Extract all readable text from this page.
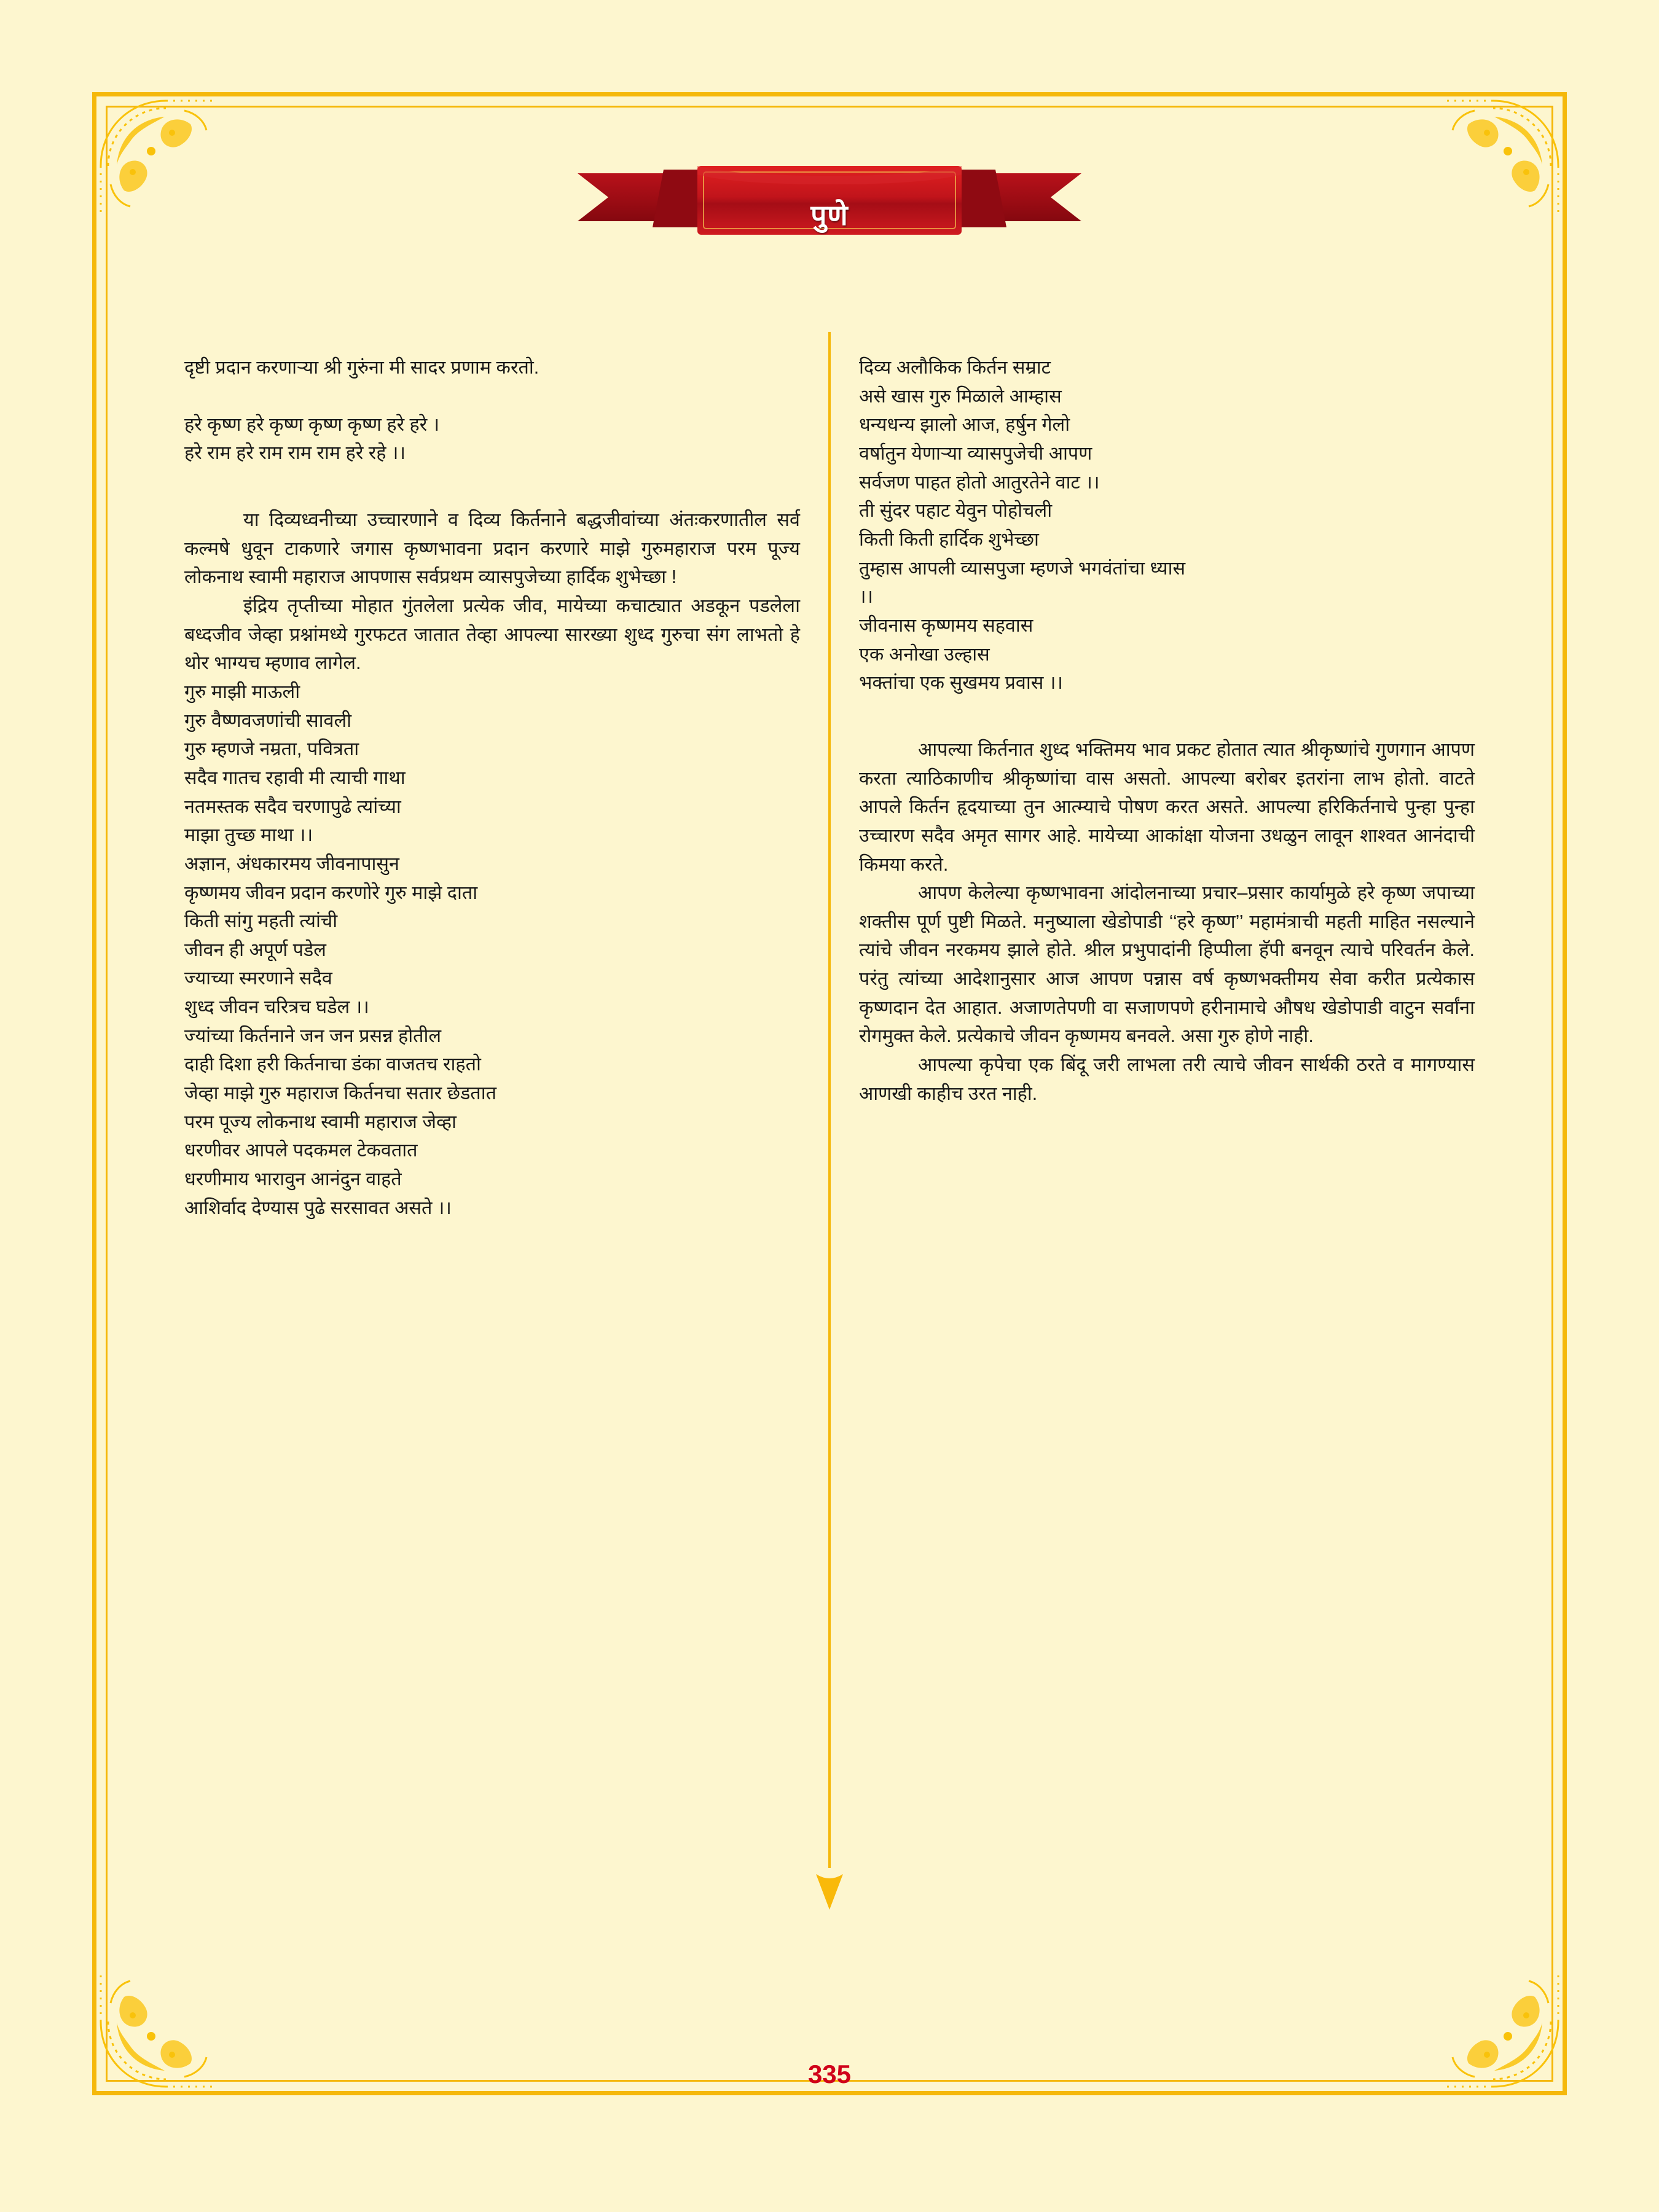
पुणे

दृष्टी प्रदान करणाऱ्या श्री गुरुंना मी सादर प्रणाम करतो.

हरे कृष्ण हरे कृष्ण कृष्ण कृष्ण हरे हरे ।

हरे राम हरे राम राम राम हरे रहे ।।

या दिव्यध्वनीच्या उच्चारणाने व दिव्य कि‌र्तनाने बद्धजीवांच्या अंतःकरणातील सर्व कल्मषे धुवून टाकणारे जगास कृष्णभावना प्रदान करणारे माझे गुरुमहाराज परम पूज्य लोकनाथ स्वामी महाराज आपणास सर्वप्रथम व्यासपुजेच्या हार्दिक शुभेच्छा !

इंद्रिय तृप्तीच्या मोहात गुंतलेला प्रत्येक जीव, मायेच्या कचाट्यात अडकून पडलेला बध्दजीव जेव्हा प्रश्नांमध्ये गुरफटत जातात तेव्हा आपल्या सारख्या शुध्द गुरुचा संग लाभतो हे थोर भाग्यच म्हणाव लागेल.

गुरु माझी माऊली

गुरु वैष्णवजणांची सावली

गुरु म्हणजे नम्रता, पवित्रता

सदैव गातच रहावी मी त्याची गाथा

नतमस्तक सदैव चरणापुढे त्यांच्या

माझा तुच्छ माथा ।।

अज्ञान, अंधकारमय जीवनापासुन

कृष्णमय जीवन प्रदान करणोरे गुरु माझे दाता

किती सांगु महती त्यांची

जीवन ही अपूर्ण पडेल

ज्याच्या स्मरणाने सदैव

शुध्द जीवन चरित्रच घडेल ।।

ज्यांच्या कि‌र्तनाने जन जन प्रसन्न होतील

दाही दिशा हरी कि‌र्तनाचा डंका वाजतच राहतो

जेव्हा माझे गुरु महाराज कि‌र्तनचा सतार छेडतात

परम पूज्य लोकनाथ स्वामी महाराज जेव्हा

धरणीवर आपले पदकमल टेकवतात

धरणीमाय भारावुन आनंदुन वाहते

आशिर्वाद देण्यास पुढे सरसावत असते ।।

दिव्य अलौकिक कि‌र्तन सम्राट

असे खास गुरु मिळाले आम्हास

धन्यधन्य झालो आज, हर्षुन गेलो

वर्षातुन येणाऱ्या व्यासपुजेची आपण

सर्वजण पाहत होतो आतुरतेने वाट ।।

ती सुंदर पहाट येवुन पोहोचली

किती किती हार्दिक शुभेच्छा

तुम्हास आपली व्यासपुजा म्हणजे भगवंतांचा ध्यास

।।

जीवनास कृष्णमय सहवास

एक अनोखा उल्हास

भक्तांचा एक सुखमय प्रवास ।।

आपल्या कि‌र्तनात शुध्द भक्तिमय भाव प्रकट होतात त्यात श्रीकृष्णांचे गुणगान आपण करता त्याठिकाणीच श्रीकृष्णांचा वास असतो. आपल्या बरोबर इतरांना लाभ होतो. वाटते आपले कि‌र्तन हृदयाच्या तुन आत्म्याचे पोषण करत असते. आपल्या हरिकि‌र्तनाचे पुन्हा पुन्हा उच्चारण सदैव अमृत सागर आहे. मायेच्या आकांक्षा योजना उधळुन लावून शाश्वत आनंदाची किमया करते.

आपण केलेल्या कृष्णभावना आंदोलनाच्या प्रचार–प्रसार कार्यामुळे हरे कृष्ण जपाच्या शक्तीस पूर्ण पुष्टी मिळते. मनुष्याला खेडोपाडी ‘‘हरे कृष्ण’’ महामंत्राची महती माहित नसल्याने त्यांचे जीवन नरकमय झाले होते. श्रील प्रभुपादांनी हिप्पीला हॅपी बनवून त्याचे परिवर्तन केले. परंतु त्यांच्या आदेशानुसार आज आपण पन्नास वर्ष कृष्णभक्तीमय सेवा करीत प्रत्येकास कृष्णदान देत आहात. अजाणतेपणी वा सजाणपणे हरीनामाचे औषध खेडोपाडी वाटुन सर्वांना रोगमुक्त केले. प्रत्येकाचे जीवन कृष्णमय बनवले. असा गुरु होणे नाही.

आपल्या कृपेचा एक बिंदू जरी लाभला तरी त्याचे जीवन सार्थकी ठरते व मागण्यास आणखी काहीच उरत नाही.

335
